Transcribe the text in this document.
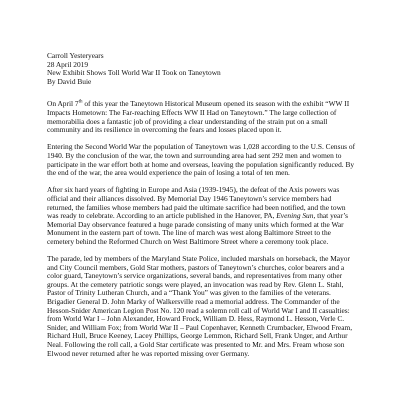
Carroll Yesteryears
28 April 2019
New Exhibit Shows Toll World War II Took on Taneytown
By David Buie

On April 7th of this year the Taneytown Historical Museum opened its season with the exhibit “WW II Impacts Hometown: The Far-reaching Effects WW II Had on Taneytown.” The large collection of memorabilia does a fantastic job of providing a clear understanding of the strain put on a small community and its resilience in overcoming the fears and losses placed upon it.

Entering the Second World War the population of Taneytown was 1,028 according to the U.S. Census of 1940. By the conclusion of the war, the town and surrounding area had sent 292 men and women to participate in the war effort both at home and overseas, leaving the population significantly reduced. By the end of the war, the area would experience the pain of losing a total of ten men.

After six hard years of fighting in Europe and Asia (1939-1945), the defeat of the Axis powers was official and their alliances dissolved. By Memorial Day 1946 Taneytown’s service members had returned, the families whose members had paid the ultimate sacrifice had been notified, and the town was ready to celebrate. According to an article published in the Hanover, PA, Evening Sun, that year’s Memorial Day observance featured a huge parade consisting of many units which formed at the War Monument in the eastern part of town. The line of march was west along Baltimore Street to the cemetery behind the Reformed Church on West Baltimore Street where a ceremony took place.

The parade, led by members of the Maryland State Police, included marshals on horseback, the Mayor and City Council members, Gold Star mothers, pastors of Taneytown’s churches, color bearers and a color guard, Taneytown’s service organizations, several bands, and representatives from many other groups. At the cemetery patriotic songs were played, an invocation was read by Rev. Glenn L. Stahl, Pastor of Trinity Lutheran Church, and a “Thank You” was given to the families of the veterans. Brigadier General D. John Marky of Walkersville read a memorial address. The Commander of the Hesson-Snider American Legion Post No. 120 read a solemn roll call of World War I and II casualties: from World War I – John Alexander, Howard Frock, William D. Hess, Raymond L. Hesson, Verle C. Snider, and William Fox; from World War II – Paul Copenhaver, Kenneth Crumbacker, Elwood Fream, Richard Hull, Bruce Keeney, Lacey Phillips, George Lemmon, Richard Sell, Frank Unger, and Arthur Neal. Following the roll call, a Gold Star certificate was presented to Mr. and Mrs. Fream whose son Elwood never returned after he was reported missing over Germany.
